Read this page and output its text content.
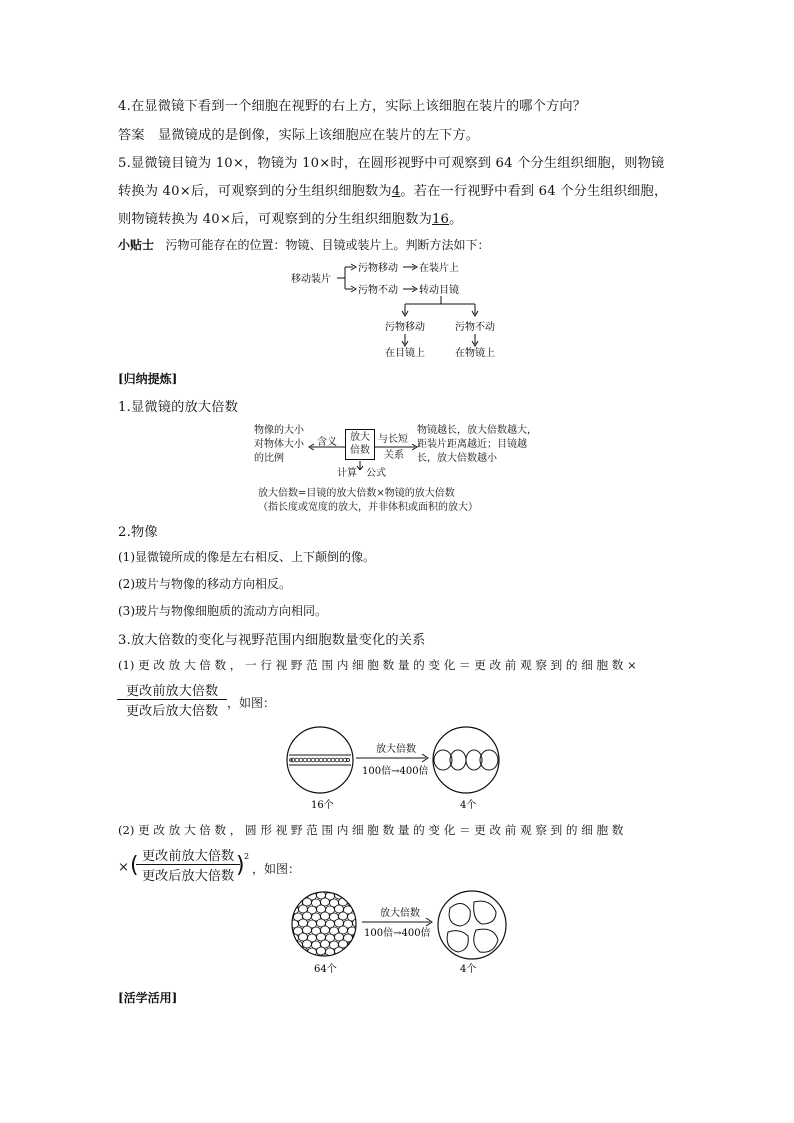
4.在显微镜下看到一个细胞在视野的右上方，实际上该细胞在装片的哪个方向？
答案 显微镜成的是倒像，实际上该细胞应在装片的左下方。
5.显微镜目镜为 10×，物镜为 10×时，在圆形视野中可观察到 64 个分生组织细胞，则物镜
转换为 40×后，可观察到的分生组织细胞数为4。若在一行视野中看到 64 个分生组织细胞，
则物镜转换为 40×后，可观察到的分生组织细胞数为16。
小贴士 污物可能存在的位置：物镜、目镜或装片上。判断方法如下：
移动装片
污物移动 在装片上
污物不动 转动目镜
污物移动	污物不动
在目镜上	在物镜上
[归纳提炼]
1.显微镜的放大倍数
物像的大小
对物体大小
的比例
含义	放大
倍数
与长短
关系
物镜越长，放大倍数越大，
距装片距离越近；目镜越
长，放大倍数越小
计算 公式
放大倍数=目镜的放大倍数×物镜的放大倍数
（指长度或宽度的放大，并非体积或面积的放大）
2.物像
(1)显微镜所成的像是左右相反、上下颠倒的像。
(2)玻片与物像的移动方向相反。
(3)玻片与物像细胞质的流动方向相同。
3.放大倍数的变化与视野范围内细胞数量变化的关系
(1) 更 改 放 大 倍 数 ， 一 行 视 野 范 围 内 细 胞 数 量 的 变 化 ＝ 更 改 前 观 察 到 的 细 胞 数 ×
更改前放大倍数
更改后放大倍数
，如图：
放大倍数
100倍→400倍
16个	4个
(2) 更 改 放 大 倍 数 ， 圆 形 视 野 范 围 内 细 胞 数 量 的 变 化 ＝ 更 改 前 观 察 到 的 细 胞 数
× ( 更改前放大倍数
更改后放大倍数 ) 2
，如图：
放大倍数
100倍→400倍
64个	4个
[活学活用]
